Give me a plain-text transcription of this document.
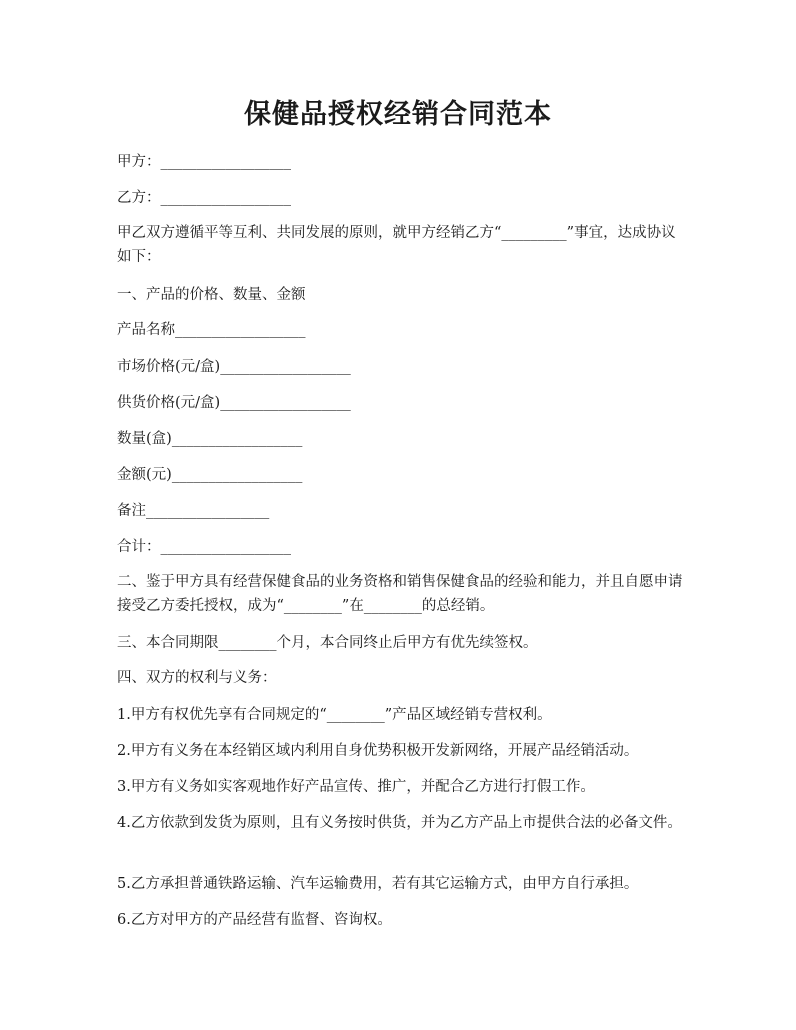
保健品授权经销合同范本

甲方：__________________

乙方：__________________

甲乙双方遵循平等互利、共同发展的原则，就甲方经销乙方“_________”事宜，达成协议如下：

一、产品的价格、数量、金额

产品名称__________________

市场价格(元/盒)__________________

供货价格(元/盒)__________________

数量(盒)__________________

金额(元)__________________

备注_________________

合计：__________________

二、鉴于甲方具有经营保健食品的业务资格和销售保健食品的经验和能力，并且自愿申请接受乙方委托授权，成为“________”在________的总经销。

三、本合同期限________个月，本合同终止后甲方有优先续签权。

四、双方的权利与义务：

1.甲方有权优先享有合同规定的“________”产品区域经销专营权利。

2.甲方有义务在本经销区域内利用自身优势积极开发新网络，开展产品经销活动。

3.甲方有义务如实客观地作好产品宣传、推广，并配合乙方进行打假工作。

4.乙方依款到发货为原则，且有义务按时供货，并为乙方产品上市提供合法的必备文件。

5.乙方承担普通铁路运输、汽车运输费用，若有其它运输方式，由甲方自行承担。

6.乙方对甲方的产品经营有监督、咨询权。
